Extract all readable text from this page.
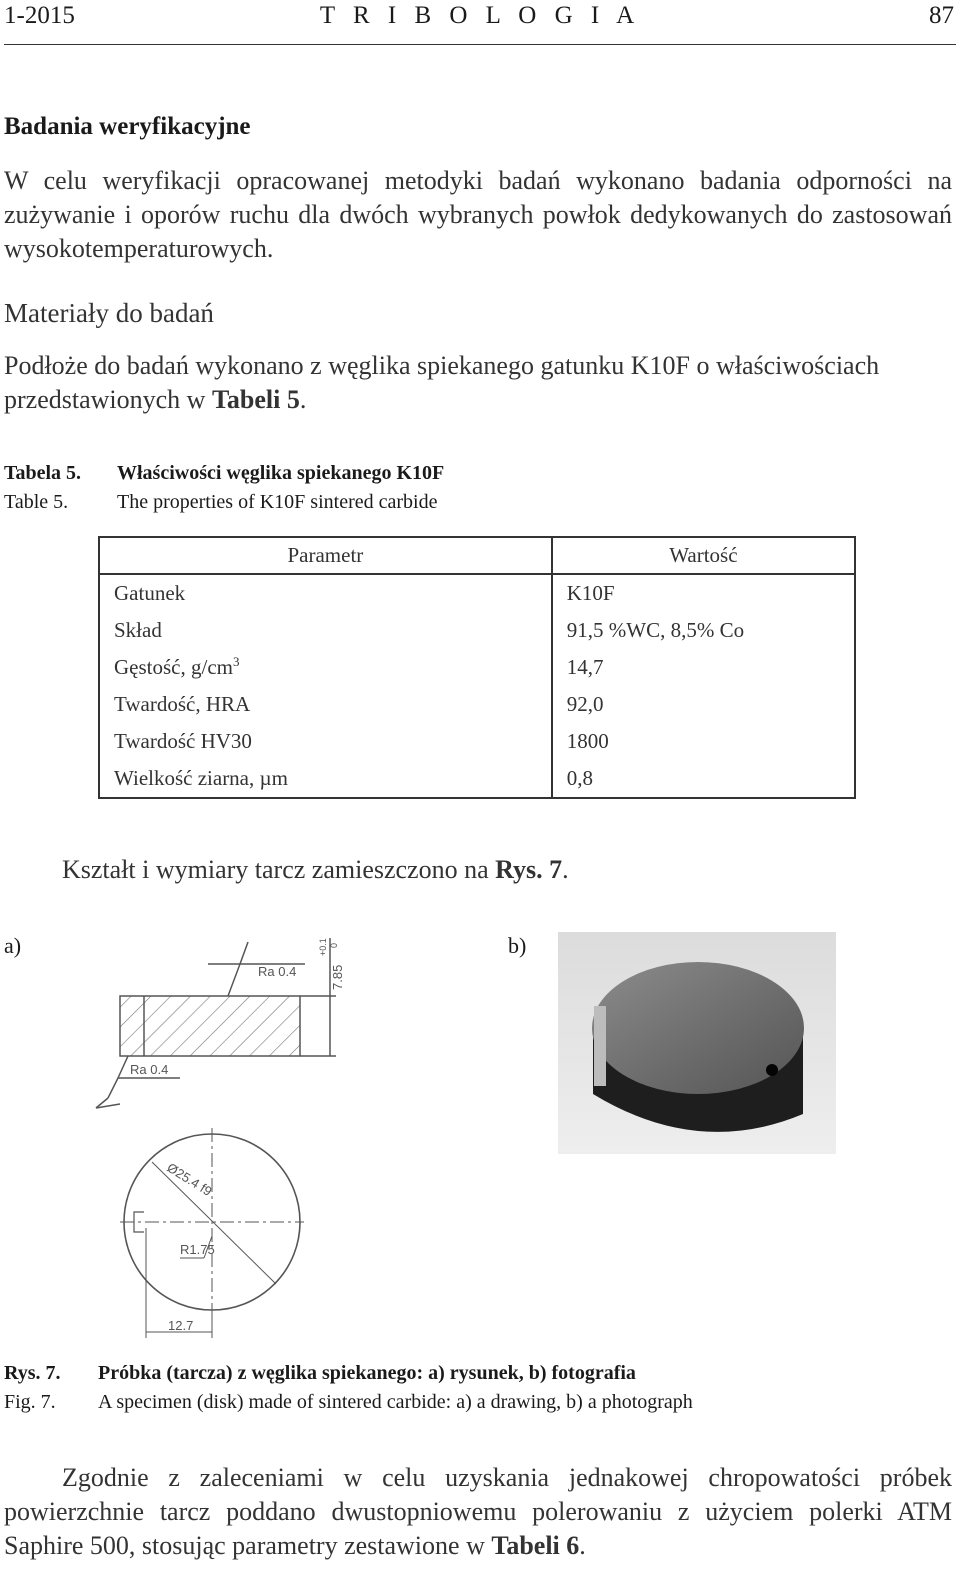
1-2015	T R I B O L O G I A	87
Badania weryfikacyjne
W celu weryfikacji opracowanej metodyki badań wykonano badania odporności na zużywanie i oporów ruchu dla dwóch wybranych powłok dedykowanych do zastosowań wysokotemperaturowych.
Materiały do badań
Podłoże do badań wykonano z węglika spiekanego gatunku K10F o właściwościach przedstawionych w Tabeli 5.
Tabela 5. Właściwości węglika spiekanego K10F
Table 5. The properties of K10F sintered carbide
Parametr	Wartość
Gatunek	K10F
Skład	91,5 %WC, 8,5% Co
Gęstość, $g/cm^3$	14,7
Twardość, HRA	92,0
Twardość HV30	1800
Wielkość ziarna, µm	0,8
Kształt i wymiary tarcz zamieszczono na Rys. 7.
a)	b)
Ra 0.4
Ra 0.4
7.85
+0.1 0
Ø25.4 f9
R1.75
12.7
Rys. 7. Próbka (tarcza) z węglika spiekanego: a) rysunek, b) fotografia
Fig. 7. A specimen (disk) made of sintered carbide: a) a drawing, b) a photograph
Zgodnie z zaleceniami w celu uzyskania jednakowej chropowatości próbek powierzchnie tarcz poddano dwustopniowemu polerowaniu z użyciem polerki ATM Saphire 500, stosując parametry zestawione w Tabeli 6.
